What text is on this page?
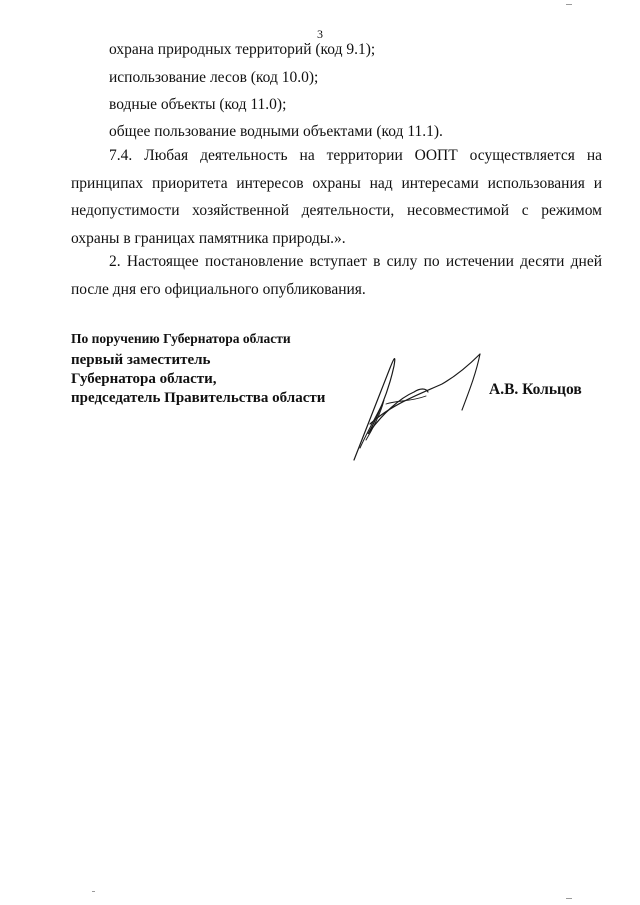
3
охрана природных территорий (код 9.1);
использование лесов (код 10.0);
водные объекты (код 11.0);
общее пользование водными объектами (код 11.1).

7.4. Любая деятельность на территории ООПТ осуществляется на принципах приоритета интересов охраны над интересами использования и недопустимости хозяйственной деятельности, несовместимой с режимом охраны в границах памятника природы.».

2. Настоящее постановление вступает в силу по истечении десяти дней после дня его официального опубликования.

По поручению Губернатора области
первый заместитель
Губернатора области,
председатель Правительства области	А.В. Кольцов
